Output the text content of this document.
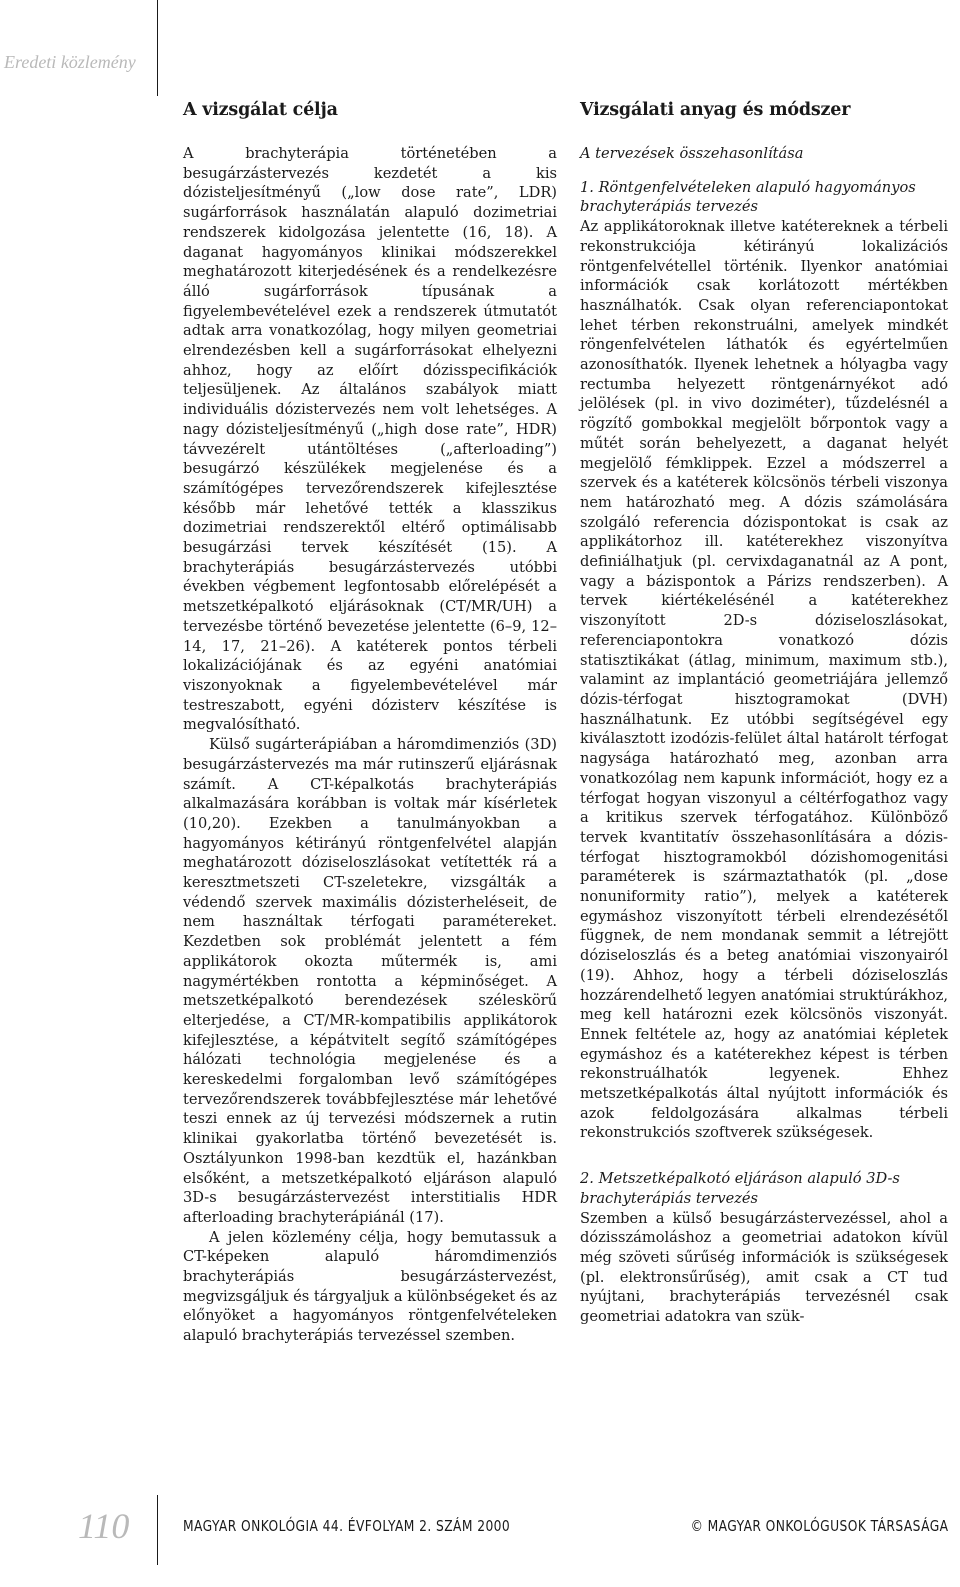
Eredeti közlemény
A vizsgálat célja

A brachyterápia történetében a besugárzástervezés kezdetét a kis dózisteljesítményű („low dose rate”, LDR) sugárforrások használatán alapuló dozimetriai rendszerek kidolgozása jelentette (16, 18). A daganat hagyományos klinikai módszerekkel meghatározott kiterjedésének és a rendelkezésre álló sugárforrások típusának a figyelembevételével ezek a rendszerek útmutatót adtak arra vonatkozólag, hogy milyen geometriai elrendezésben kell a sugárforrásokat elhelyezni ahhoz, hogy az előírt dózisspecifikációk teljesüljenek. Az általános szabályok miatt individuális dózistervezés nem volt lehetséges. A nagy dózisteljesítményű („high dose rate”, HDR) távvezérelt utántöltéses („afterloading”) besugárzó készülékek megjelenése és a számítógépes tervezőrendszerek kifejlesztése később már lehetővé tették a klasszikus dozimetriai rendszerektől eltérő optimálisabb besugárzási tervek készítését (15). A brachyterápiás besugárzástervezés utóbbi években végbement legfontosabb előrelépését a metszetképalkotó eljárásoknak (CT/MR/UH) a tervezésbe történő bevezetése jelentette (6–9, 12–14, 17, 21–26). A katéterek pontos térbeli lokalizációjának és az egyéni anatómiai viszonyoknak a figyelembevételével már testreszabott, egyéni dózisterv készítése is megvalósítható.

Külső sugárterápiában a háromdimenziós (3D) besugárzástervezés ma már rutinszerű eljárásnak számít. A CT-képalkotás brachyterápiás alkalmazására korábban is voltak már kísérletek (10,20). Ezekben a tanulmányokban a hagyományos kétirányú röntgenfelvétel alapján meghatározott dóziseloszlásokat vetítették rá a keresztmetszeti CT-szeletekre, vizsgálták a védendő szervek maximális dózisterheléseit, de nem használtak térfogati paramétereket. Kezdetben sok problémát jelentett a fém applikátorok okozta műtermék is, ami nagymértékben rontotta a képminőséget. A metszetképalkotó berendezések széleskörű elterjedése, a CT/MR-kompatibilis applikátorok kifejlesztése, a képátvitelt segítő számítógépes hálózati technológia megjelenése és a kereskedelmi forgalomban levő számítógépes tervezőrendszerek továbbfejlesztése már lehetővé teszi ennek az új tervezési módszernek a rutin klinikai gyakorlatba történő bevezetését is. Osztályunkon 1998-ban kezdtük el, hazánkban elsőként, a metszetképalkotó eljáráson alapuló 3D-s besugárzástervezést interstitialis HDR afterloading brachyterápiánál (17).

A jelen közlemény célja, hogy bemutassuk a CT-képeken alapuló háromdimenziós brachyterápiás besugárzástervezést, megvizsgáljuk és tárgyaljuk a különbségeket és az előnyöket a hagyományos röntgenfelvételeken alapuló brachyterápiás tervezéssel szemben.

Vizsgálati anyag és módszer
A tervezések összehasonlítása
1. Röntgenfelvételeken alapuló hagyományos brachyterápiás tervezés

Az applikátoroknak illetve katétereknek a térbeli rekonstrukciója kétirányú lokalizációs röntgenfelvétellel történik. Ilyenkor anatómiai információk csak korlátozott mértékben használhatók. Csak olyan referenciapontokat lehet térben rekonstruálni, amelyek mindkét röngenfelvételen láthatók és egyértelműen azonosíthatók. Ilyenek lehetnek a hólyagba vagy rectumba helyezett röntgenárnyékot adó jelölések (pl. in vivo doziméter), tűzdelésnél a rögzítő gombokkal megjelölt bőrpontok vagy a műtét során behelyezett, a daganat helyét megjelölő fémklippek. Ezzel a módszerrel a szervek és a katéterek kölcsönös térbeli viszonya nem határozható meg. A dózis számolására szolgáló referencia dózispontokat is csak az applikátorhoz ill. katéterekhez viszonyítva definiálhatjuk (pl. cervixdaganatnál az A pont, vagy a bázispontok a Párizs rendszerben). A tervek kiértékelésénél a katéterekhez viszonyított 2D-s dóziseloszlásokat, referenciapontokra vonatkozó dózis statisztikákat (átlag, minimum, maximum stb.), valamint az implantáció geometriájára jellemző dózis-térfogat hisztogramokat (DVH) használhatunk. Ez utóbbi segítségével egy kiválasztott izodózis-felület által határolt térfogat nagysága határozható meg, azonban arra vonatkozólag nem kapunk információt, hogy ez a térfogat hogyan viszonyul a céltérfogathoz vagy a kritikus szervek térfogatához. Különböző tervek kvantitatív összehasonlítására a dózis-térfogat hisztogramokból dózishomogenitási paraméterek is származtathatók (pl. „dose nonuniformity ratio”), melyek a katéterek egymáshoz viszonyított térbeli elrendezésétől függnek, de nem mondanak semmit a létrejött dóziseloszlás és a beteg anatómiai viszonyairól (19). Ahhoz, hogy a térbeli dóziseloszlás hozzárendelhető legyen anatómiai struktúrákhoz, meg kell határozni ezek kölcsönös viszonyát. Ennek feltétele az, hogy az anatómiai képletek egymáshoz és a katéterekhez képest is térben rekonstruálhatók legyenek. Ehhez metszetképalkotás által nyújtott információk és azok feldolgozására alkalmas térbeli rekonstrukciós szoftverek szükségesek.

2. Metszetképalkotó eljáráson alapuló 3D-s brachyterápiás tervezés

Szemben a külső besugárzástervezéssel, ahol a dózisszámoláshoz a geometriai adatokon kívül még szöveti sűrűség információk is szükségesek (pl. elektronsűrűség), amit csak a CT tud nyújtani, brachyterápiás tervezésnél csak geometriai adatokra van szük-

110	MAGYAR ONKOLÓGIA 44. ÉVFOLYAM 2. SZÁM 2000	© MAGYAR ONKOLÓGUSOK TÁRSASÁGA
